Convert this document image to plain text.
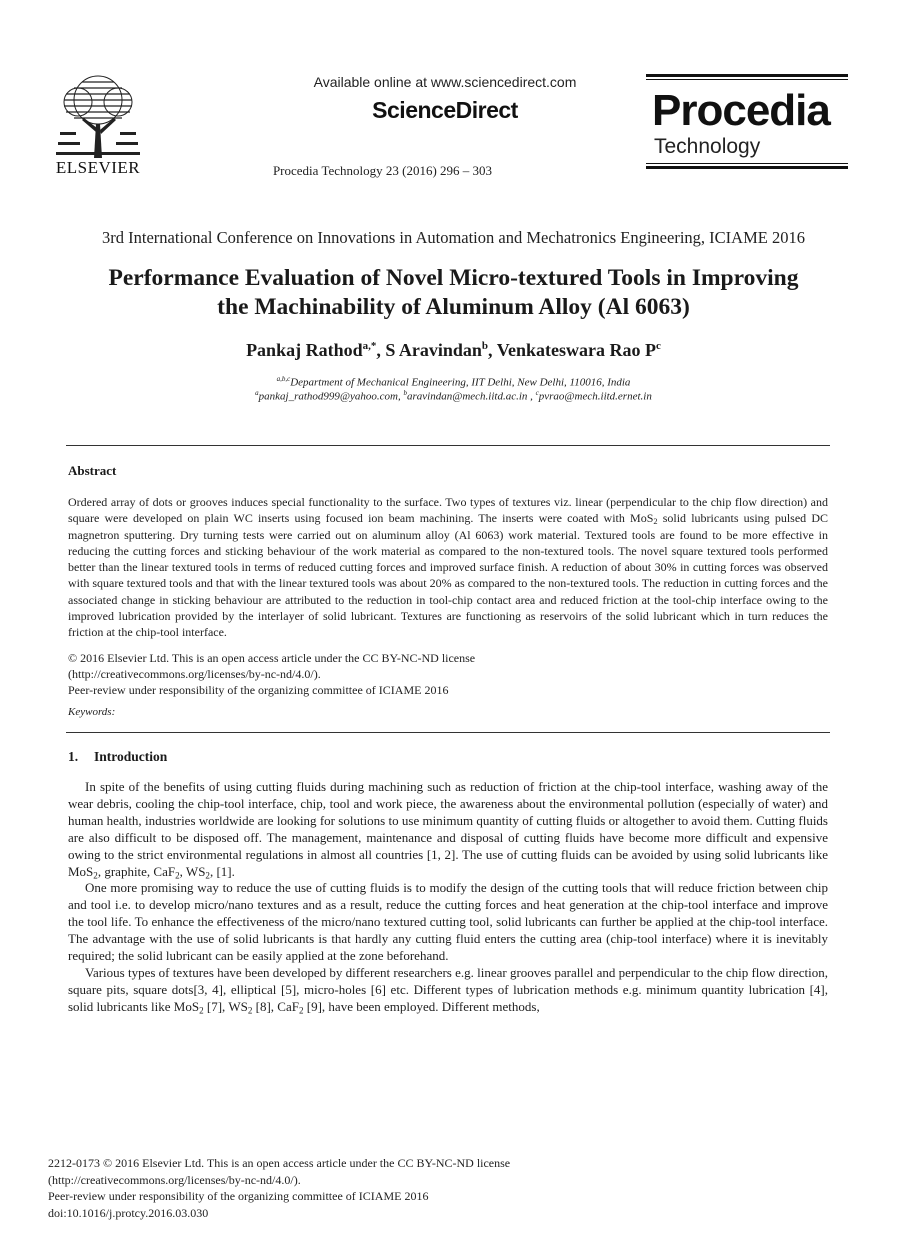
ELSEVIER
Available online at www.sciencedirect.com
ScienceDirect
Procedia Technology 23 (2016) 296 – 303
Procedia
Technology
3rd International Conference on Innovations in Automation and Mechatronics Engineering, ICIAME 2016
Performance Evaluation of Novel Micro-textured Tools in Improving
the Machinability of Aluminum Alloy (Al 6063)
Pankaj Rathod$^{a,*}$, S Aravindan$^b$, Venkateswara Rao $P^c$
$^{a,b,c}$Department of Mechanical Engineering, IIT Delhi, New Delhi, 110016, India
$^a$pankaj_rathod999@yahoo.com, $^b$aravindan@mech.iitd.ac.in , $^c$pvrao@mech.iitd.ernet.in
Abstract
Ordered array of dots or grooves induces special functionality to the surface. Two types of textures viz. linear (perpendicular to the chip flow direction) and square were developed on plain WC inserts using focused ion beam machining. The inserts were coated with MoS$_2$ solid lubricants using pulsed DC magnetron sputtering. Dry turning tests were carried out on aluminum alloy (Al 6063) work material. Textured tools are found to be more effective in reducing the cutting forces and sticking behaviour of the work material as compared to the non-textured tools. The novel square textured tools performed better than the linear textured tools in terms of reduced cutting forces and improved surface finish. A reduction of about 30% in cutting forces was observed with square textured tools and that with the linear textured tools was about 20% as compared to the non-textured tools. The reduction in cutting forces and the associated change in sticking behaviour are attributed to the reduction in tool-chip contact area and reduced friction at the tool-chip interface owing to the improved lubrication provided by the interlayer of solid lubricant. Textures are functioning as reservoirs of the solid lubricant which in turn reduces the friction at the chip-tool interface.
© 2016 Elsevier Ltd. This is an open access article under the CC BY-NC-ND license
(http://creativecommons.org/licenses/by-nc-nd/4.0/).
Peer-review under responsibility of the organizing committee of ICIAME 2016
Keywords:
1. Introduction

In spite of the benefits of using cutting fluids during machining such as reduction of friction at the chip-tool interface, washing away of the wear debris, cooling the chip-tool interface, chip, tool and work piece, the awareness about the environmental pollution (especially of water) and human health, industries worldwide are looking for solutions to use minimum quantity of cutting fluids or altogether to avoid them. Cutting fluids are also difficult to be disposed off. The management, maintenance and disposal of cutting fluids have become more difficult and expensive owing to the strict environmental regulations in almost all countries [1, 2]. The use of cutting fluids can be avoided by using solid lubricants like MoS$_2$, graphite, CaF$_2$, $WS_2$, [1].

One more promising way to reduce the use of cutting fluids is to modify the design of the cutting tools that will reduce friction between chip and tool i.e. to develop micro/nano textures and as a result, reduce the cutting forces and heat generation at the chip-tool interface and improve the tool life. To enhance the effectiveness of the micro/nano textured cutting tool, solid lubricants can further be applied at the chip-tool interface. The advantage with the use of solid lubricants is that hardly any cutting fluid enters the cutting area (chip-tool interface) where it is inevitably required; the solid lubricant can be easily applied at the zone beforehand.

Various types of textures have been developed by different researchers e.g. linear grooves parallel and perpendicular to the chip flow direction, square pits, square dots[3, 4], elliptical [5], micro-holes [6] etc. Different types of lubrication methods e.g. minimum quantity lubrication [4], solid lubricants like MoS$_2$ [7], $WS_2$ [8], CaF$_2$ [9], have been employed. Different methods,

2212-0173 © 2016 Elsevier Ltd. This is an open access article under the CC BY-NC-ND license
(http://creativecommons.org/licenses/by-nc-nd/4.0/).
Peer-review under responsibility of the organizing committee of ICIAME 2016
doi:10.1016/j.protcy.2016.03.030
